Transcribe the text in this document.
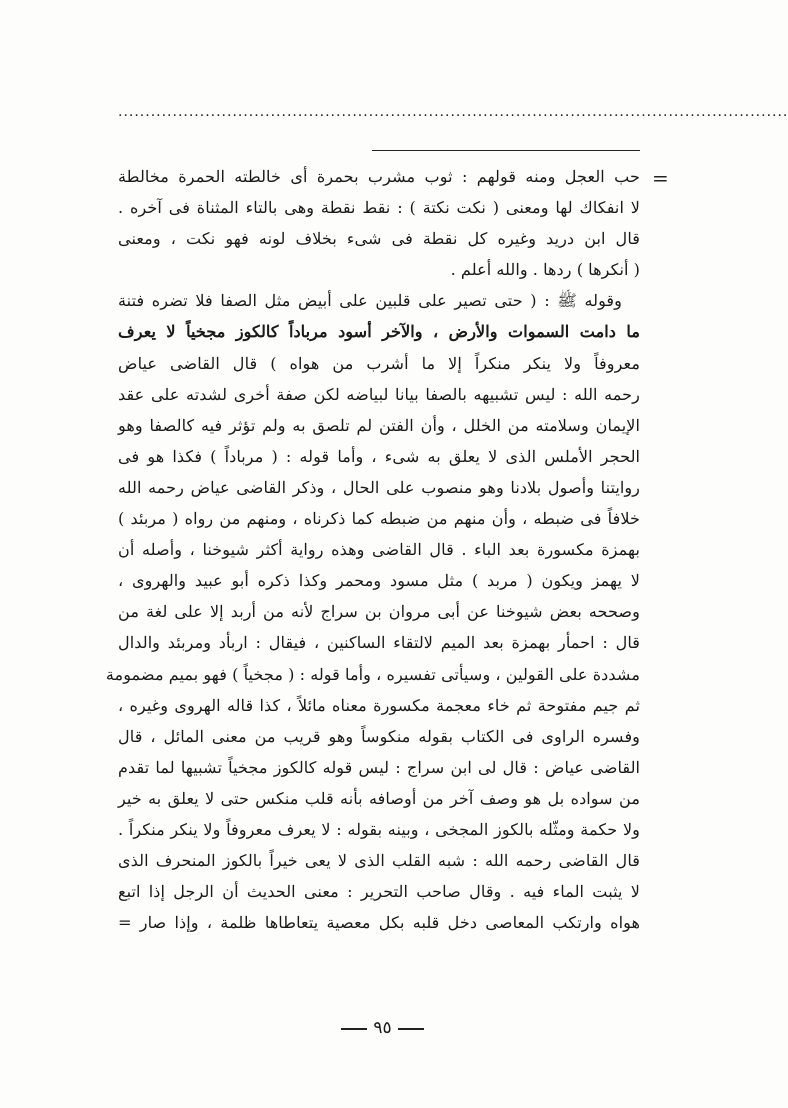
...........................................................................................................................
=
حب العجل ومنه قولهم : ثوب مشرب بحمرة أى خالطته الحمرة مخالطة
لا انفكاك لها ومعنى ( نكت نكتة ) : نقط نقطة وهى بالتاء المثناة فى آخره .
قال ابن دريد وغيره كل نقطة فى شىء بخلاف لونه فهو نكت ، ومعنى
( أنكرها ) ردها . والله أعلم .
وقوله ﷺ : ( حتى تصير على قلبين على أبيض مثل الصفا فلا تضره فتنة
ما دامت السموات والأرض ، والآخر أسود مرباداً كالكوز مجخياً لا يعرف
معروفاً ولا ينكر منكراً إلا ما أشرب من هواه ) قال القاضى عياض
رحمه الله : ليس تشبيهه بالصفا بيانا لبياضه لكن صفة أخرى لشدته على عقد
الإيمان وسلامته من الخلل ، وأن الفتن لم تلصق به ولم تؤثر فيه كالصفا وهو
الحجر الأملس الذى لا يعلق به شىء ، وأما قوله : ( مرباداً ) فكذا هو فى
روايتنا وأصول بلادنا وهو منصوب على الحال ، وذكر القاضى عياض رحمه الله
خلافاً فى ضبطه ، وأن منهم من ضبطه كما ذكرناه ، ومنهم من رواه ( مربئد )
بهمزة مكسورة بعد الباء . قال القاضى وهذه رواية أكثر شيوخنا ، وأصله أن
لا يهمز ويكون ( مربد ) مثل مسود ومحمر وكذا ذكره أبو عبيد والهروى ،
وصححه بعض شيوخنا عن أبى مروان بن سراج لأنه من أربد إلا على لغة من
قال : احمأر بهمزة بعد الميم لالتقاء الساكنين ، فيقال : اربأد ومربئد والدال
مشددة على القولين ، وسيأتى تفسيره ، وأما قوله : ( مجخياً ) فهو بميم مضمومة
ثم جيم مفتوحة ثم خاء معجمة مكسورة معناه مائلاً ، كذا قاله الهروى وغيره ،
وفسره الراوى فى الكتاب بقوله منكوساً وهو قريب من معنى المائل ، قال
القاضى عياض : قال لى ابن سراج : ليس قوله كالكوز مجخياً تشبيها لما تقدم
من سواده بل هو وصف آخر من أوصافه بأنه قلب منكس حتى لا يعلق به خير
ولا حكمة ومثّله بالكوز المجخى ، وبينه بقوله : لا يعرف معروفاً ولا ينكر منكراً .
قال القاضى رحمه الله : شبه القلب الذى لا يعى خيراً بالكوز المنحرف الذى
لا يثبت الماء فيه . وقال صاحب التحرير : معنى الحديث أن الرجل إذا اتبع
هواه وارتكب المعاصى دخل قلبه بكل معصية يتعاطاها ظلمة ، وإذا صار =
٩٥
